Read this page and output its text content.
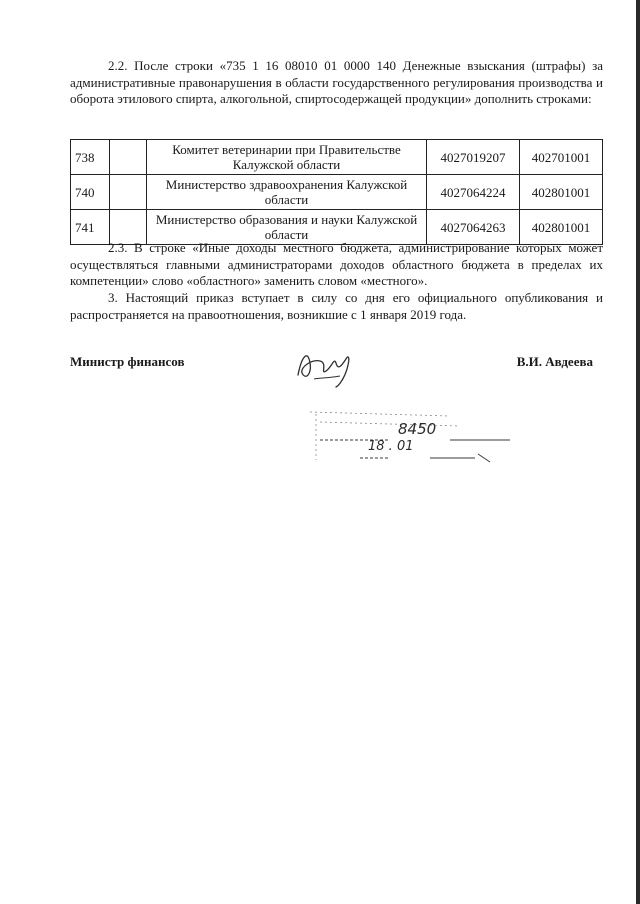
2.2. После строки «735 1 16 08010 01 0000 140 Денежные взыскания (штрафы) за административные правонарушения в области государственного регулирования производства и оборота этилового спирта, алкогольной, спиртосодержащей продукции» дополнить строками:

738		Комитет ветеринарии при Правительстве Калужской области	4027019207	402701001
740		Министерство здравоохранения Калужской области	4027064224	402801001
741		Министерство образования и науки Калужской области	4027064263	402801001

2.3. В строке «Иные доходы местного бюджета, администрирование которых может осуществляться главными администраторами доходов областного бюджета в пределах их компетенции» слово «областного» заменить словом «местного».

3. Настоящий приказ вступает в силу со дня его официального опубликования и распространяется на правоотношения, возникшие с 1 января 2019 года.

Министр финансов	В.И. Авдеева
8450
18 . 01
